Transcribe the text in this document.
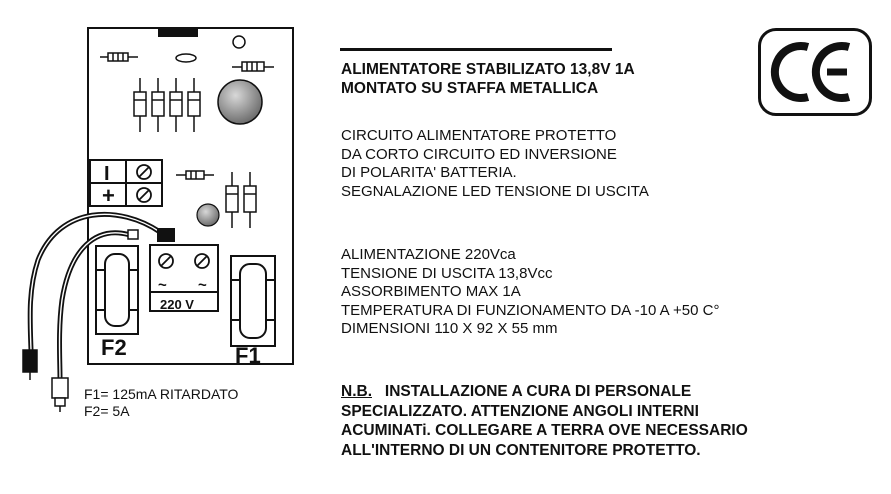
I
+
~ ~
220 V
F2	F1
F1= 125mA RITARDATO
F2= 5A
ALIMENTATORE STABILIZATO 13,8V 1A
MONTATO SU STAFFA METALLICA
CIRCUITO ALIMENTATORE PROTETTO
DA CORTO CIRCUITO ED INVERSIONE
DI POLARITA' BATTERIA.
SEGNALAZIONE LED TENSIONE DI USCITA
ALIMENTAZIONE 220Vca
TENSIONE DI USCITA 13,8Vcc
ASSORBIMENTO MAX 1A
TEMPERATURA DI FUNZIONAMENTO DA -10 A +50 C°
DIMENSIONI 110 X 92 X 55 mm
N.B. INSTALLAZIONE A CURA DI PERSONALE
SPECIALIZZATO. ATTENZIONE ANGOLI INTERNI
ACUMINATi. COLLEGARE A TERRA OVE NECESSARIO
ALL'INTERNO DI UN CONTENITORE PROTETTO.
